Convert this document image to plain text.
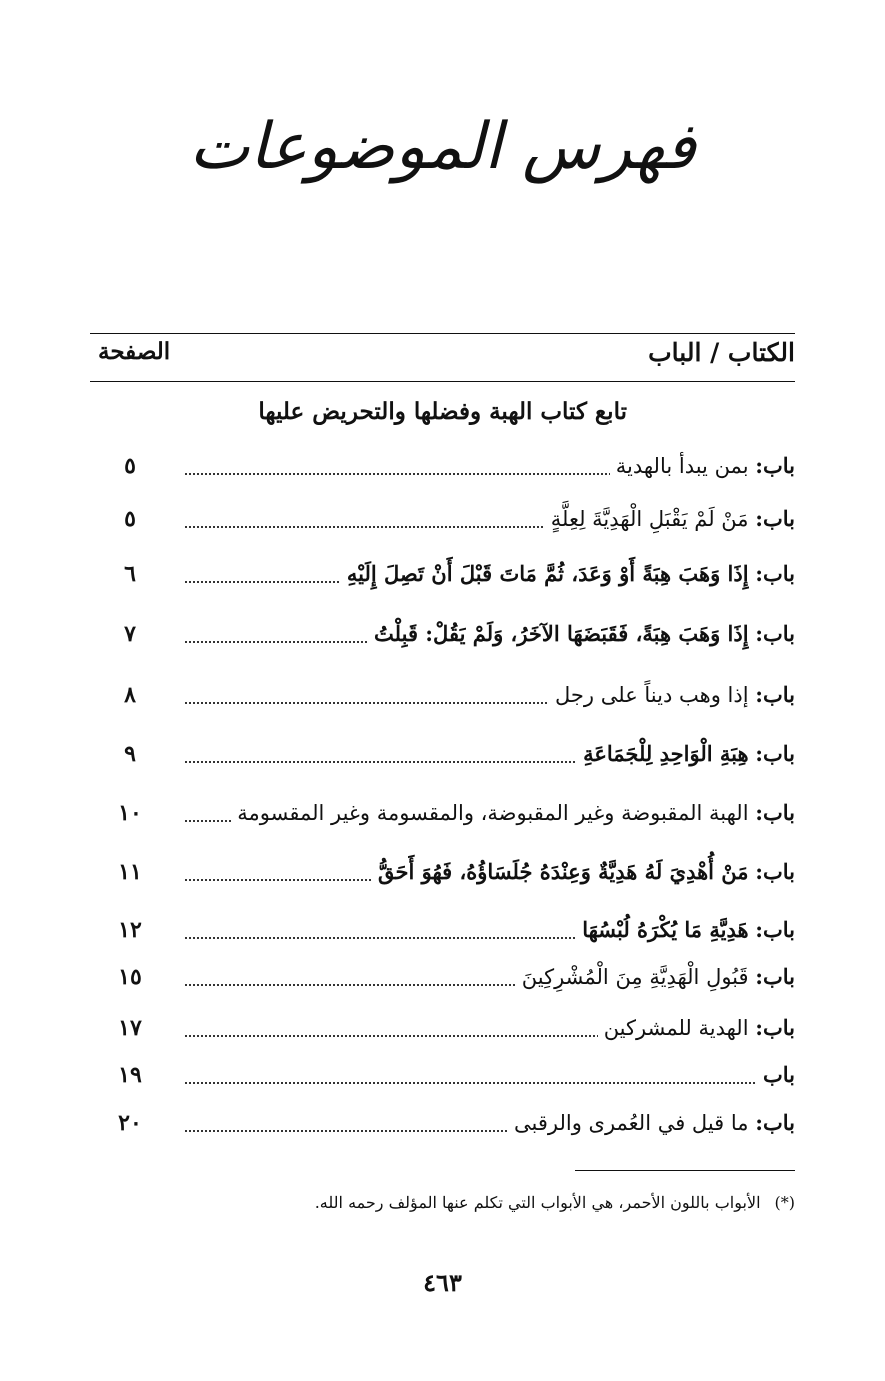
فهرس الموضوعات
الكتاب / الباب
الصفحة
تابع كتاب الهبة وفضلها والتحريض عليها
باب: بمن يبدأ بالهدية
٥
باب: مَنْ لَمْ يَقْبَلِ الْهَدِيَّةَ لِعِلَّةٍ
٥
باب: إِذَا وَهَبَ هِبَةً أَوْ وَعَدَ، ثُمَّ مَاتَ قَبْلَ أَنْ تَصِلَ إِلَيْهِ
٦
باب: إِذَا وَهَبَ هِبَةً، فَقَبَضَهَا الآخَرُ، وَلَمْ يَقُلْ: قَبِلْتُ
٧
باب: إذا وهب ديناً على رجل
٨
باب: هِبَةِ الْوَاحِدِ لِلْجَمَاعَةِ
٩
باب: الهبة المقبوضة وغير المقبوضة، والمقسومة وغير المقسومة
١٠
باب: مَنْ أُهْدِيَ لَهُ هَدِيَّةٌ وَعِنْدَهُ جُلَسَاؤُهُ، فَهُوَ أَحَقُّ
١١
باب: هَدِيَّةِ مَا يُكْرَهُ لُبْسُهَا
١٢
باب: قَبُولِ الْهَدِيَّةِ مِنَ الْمُشْرِكِينَ
١٥
باب: الهدية للمشركين
١٧
باب
١٩
باب: ما قيل في العُمرى والرقبى
٢٠
(*)الأبواب باللون الأحمر، هي الأبواب التي تكلم عنها المؤلف رحمه الله.
٤٦٣
